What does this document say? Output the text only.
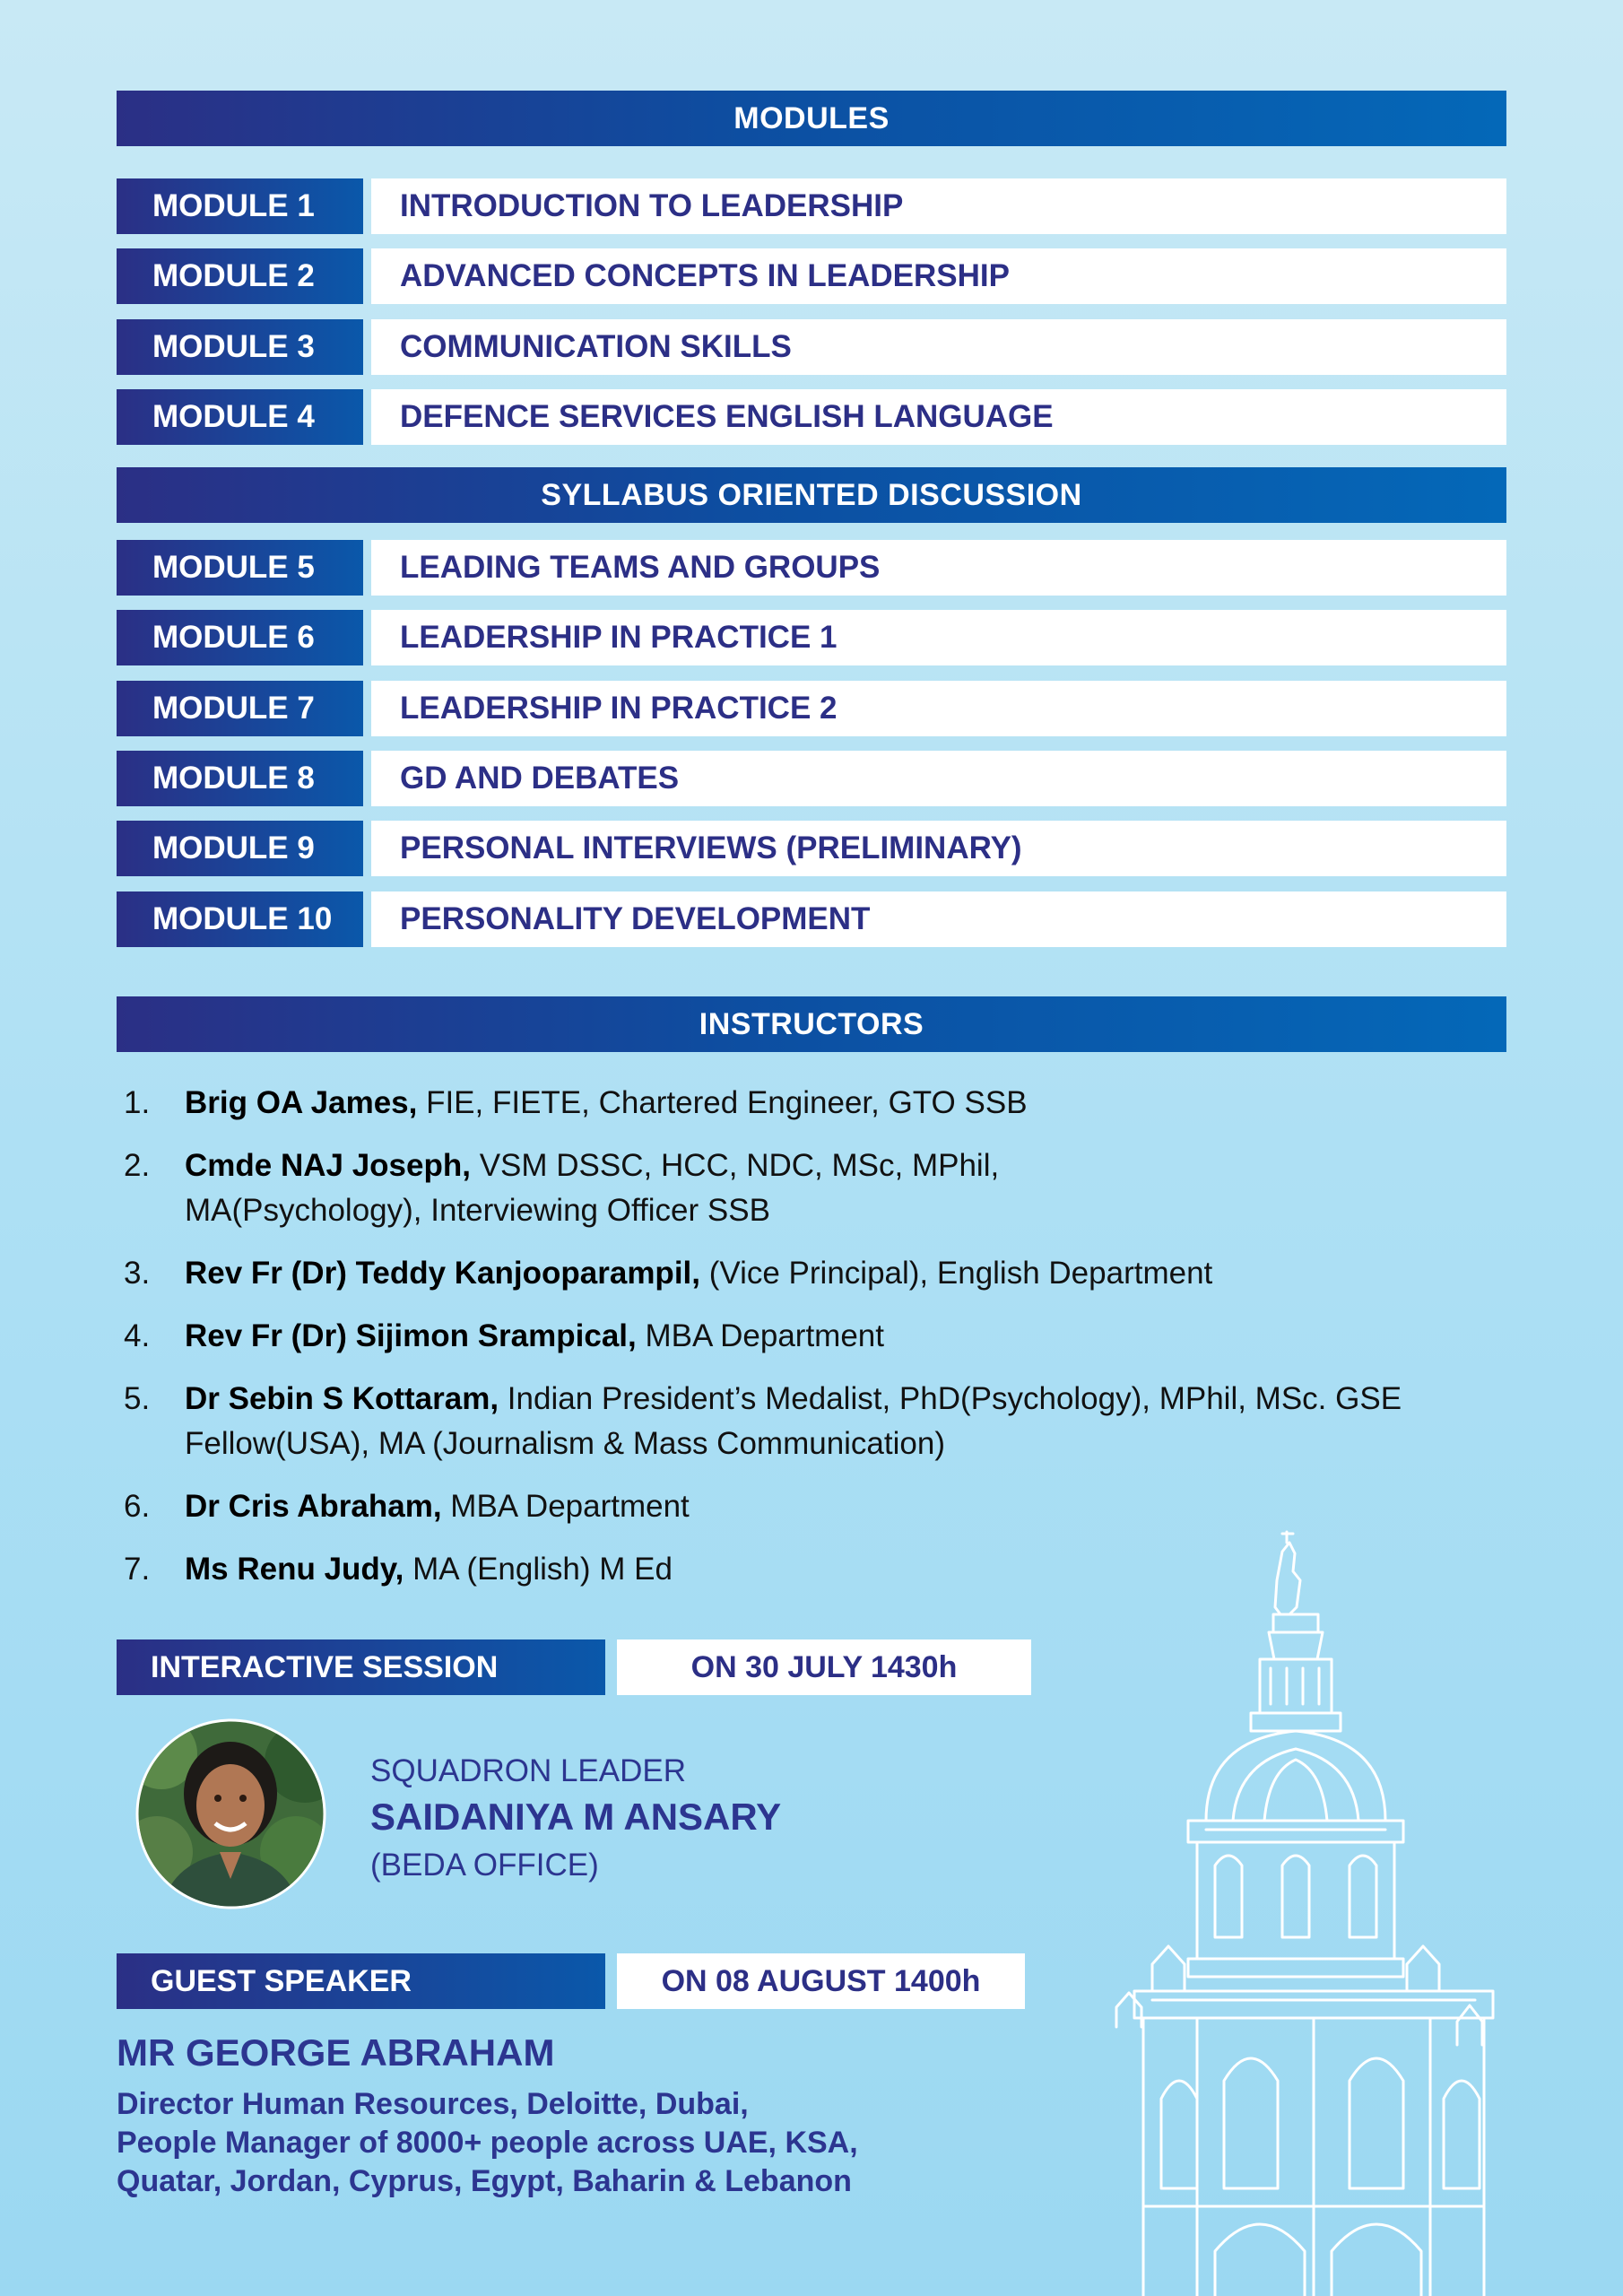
MODULES
MODULE 1	INTRODUCTION TO LEADERSHIP
MODULE 2	ADVANCED CONCEPTS IN LEADERSHIP
MODULE 3	COMMUNICATION SKILLS
MODULE 4	DEFENCE SERVICES ENGLISH LANGUAGE
SYLLABUS ORIENTED DISCUSSION
MODULE 5	LEADING TEAMS AND GROUPS
MODULE 6	LEADERSHIP IN PRACTICE 1
MODULE 7	LEADERSHIP IN PRACTICE 2
MODULE 8	GD AND DEBATES
MODULE 9	PERSONAL INTERVIEWS (PRELIMINARY)
MODULE 10	PERSONALITY DEVELOPMENT
INSTRUCTORS
1.	Brig OA James, FIE, FIETE, Chartered Engineer, GTO SSB
2.	Cmde NAJ Joseph, VSM DSSC, HCC, NDC, MSc, MPhil, MA(Psychology), Interviewing Officer SSB
3.	Rev Fr (Dr) Teddy Kanjooparampil, (Vice Principal), English Department
4.	Rev Fr (Dr) Sijimon Srampical, MBA Department
5.	Dr Sebin S Kottaram, Indian President’s Medalist, PhD(Psychology), MPhil, MSc. GSE Fellow(USA), MA (Journalism & Mass Communication)
6.	Dr Cris Abraham, MBA Department
7.	Ms Renu Judy, MA (English) M Ed
INTERACTIVE SESSION	ON 30 JULY 1430h
SQUADRON LEADER
SAIDANIYA M ANSARY
(BEDA OFFICE)
GUEST SPEAKER	ON 08 AUGUST 1400h
MR GEORGE ABRAHAM
Director Human Resources, Deloitte, Dubai,
People Manager of 8000+ people across UAE, KSA,
Quatar, Jordan, Cyprus, Egypt, Baharin & Lebanon
